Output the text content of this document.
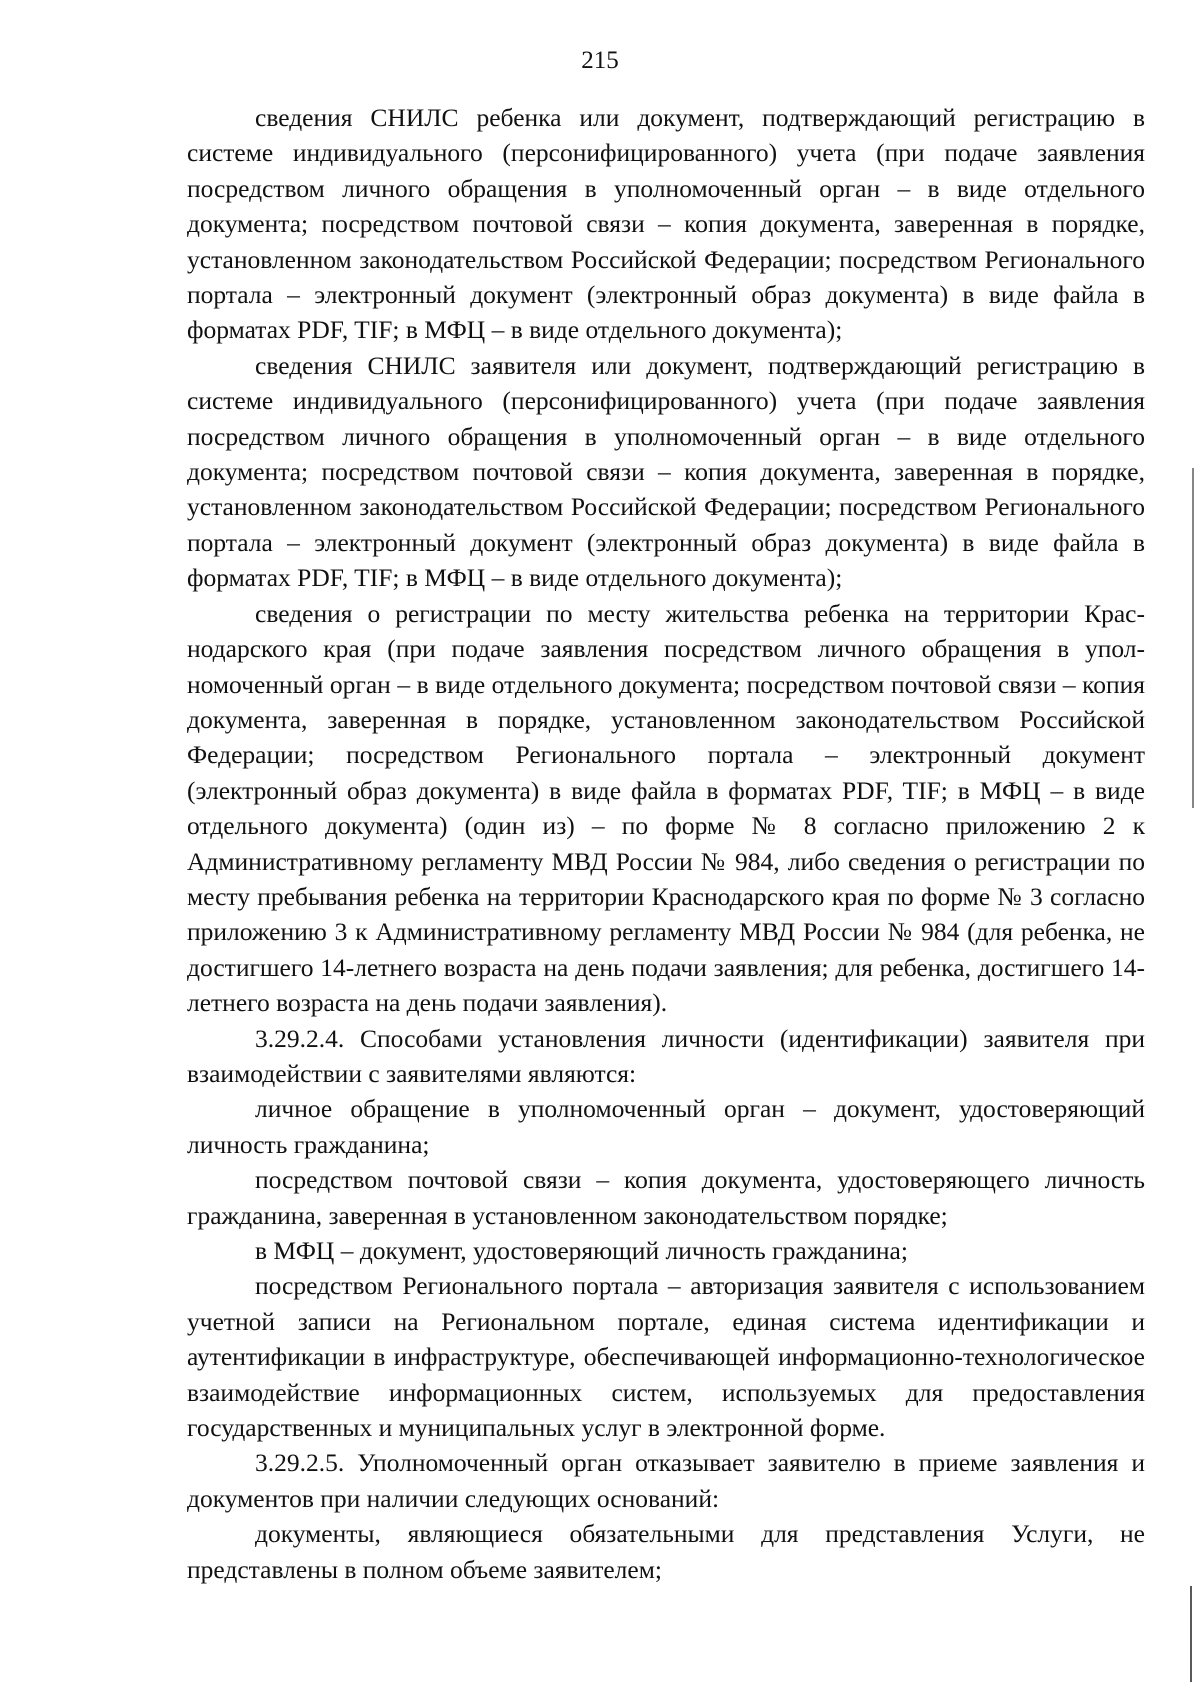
215

сведения СНИЛС ребенка или документ, подтверждающий регистрацию в системе индивидуального (персонифицированного) учета (при подаче заявления посредством личного обращения в уполномоченный орган – в виде отдельного документа; посредством почтовой связи – копия документа, заверенная в порядке, установленном законодательством Российской Федерации; посредством Регионального портала – электронный документ (электронный образ документа) в виде файла в форматах PDF, TIF; в МФЦ – в виде отдельного документа);

сведения СНИЛС заявителя или документ, подтверждающий регистрацию в системе индивидуального (персонифицированного) учета (при подаче заявления посредством личного обращения в уполномоченный орган – в виде отдельного документа; посредством почтовой связи – копия документа, заверенная в порядке, установленном законодательством Российской Федерации; посредством Регионального портала – электронный документ (электронный образ документа) в виде файла в форматах PDF, TIF; в МФЦ – в виде отдельного документа);

сведения о регистрации по месту жительства ребенка на территории Краснодарского края (при подаче заявления посредством личного обращения в уполномоченный орган – в виде отдельного документа; посредством почтовой связи – копия документа, заверенная в порядке, установленном законодательством Российской Федерации; посредством Регионального портала – электронный документ (электронный образ документа) в виде файла в форматах PDF, TIF; в МФЦ – в виде отдельного документа) (один из) – по форме № 8 согласно приложению 2 к Административному регламенту МВД России № 984, либо сведения о регистрации по месту пребывания ребенка на территории Краснодарского края по форме № 3 согласно приложению 3 к Административному регламенту МВД России № 984 (для ребенка, не достигшего 14-летнего возраста на день подачи заявления; для ребенка, достигшего 14-летнего возраста на день подачи заявления).

3.29.2.4. Способами установления личности (идентификации) заявителя при взаимодействии с заявителями являются:

личное обращение в уполномоченный орган – документ, удостоверяющий личность гражданина;

посредством почтовой связи – копия документа, удостоверяющего личность гражданина, заверенная в установленном законодательством порядке;

в МФЦ – документ, удостоверяющий личность гражданина;

посредством Регионального портала – авторизация заявителя с использованием учетной записи на Региональном портале, единая система идентификации и аутентификации в инфраструктуре, обеспечивающей информационно-технологическое взаимодействие информационных систем, используемых для предоставления государственных и муниципальных услуг в электронной форме.

3.29.2.5. Уполномоченный орган отказывает заявителю в приеме заявления и документов при наличии следующих оснований:

документы, являющиеся обязательными для представления Услуги, не представлены в полном объеме заявителем;
